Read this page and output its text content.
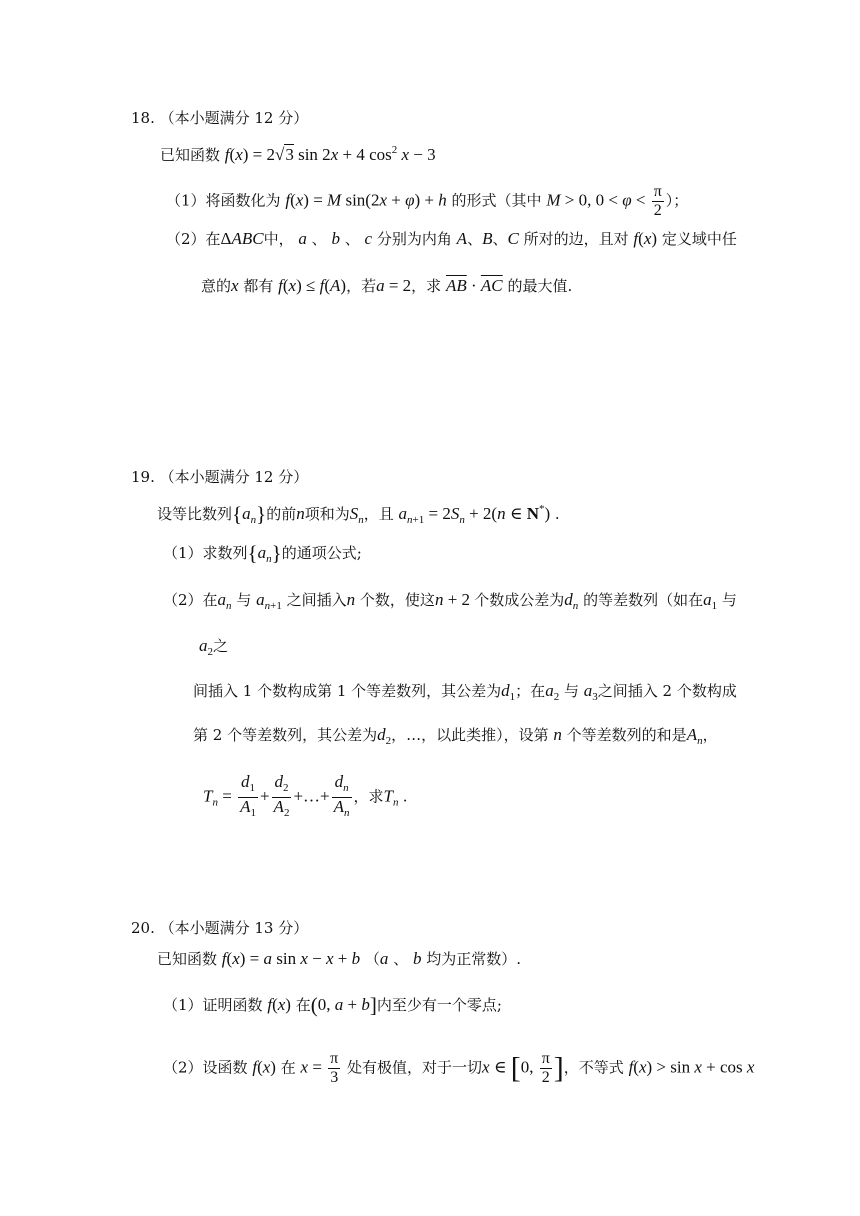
18. （本小题满分 12 分）
已知函数 f(x) = 2√3 sin 2x + 4 $\cos^2 x - 3$
（1）将函数化为 f(x) = M sin(2x + φ) + h 的形式（其中 M > 0, $0 < \varphi < \frac{\pi}{2}$ ）；
（2）在ΔABC中， a 、 b 、 c 分别为内角 A、B、C 所对的边，且对 f(x) 定义域中任
意的x 都有 f(x) ≤ f(A)，若a = 2，求 $\overline{AB} \cdot \overline{AC}$ 的最大值.
19. （本小题满分 12 分）
设等比数列$\{a_n\}$的前n项和为$S_n$，且 $a_{n+1} = 2S_n + 2(n$ ∈ N*) .
（1）求数列$\{a_n\}$的通项公式;
（2）在$a_n$ 与 $a_{n+1}$ 之间插入n 个数，使这n + 2 个数成公差为$d_n$ 的等差数列（如在$a_1$ 与
$a_2$之
间插入 1 个数构成第 1 个等差数列，其公差为$d_1$；在$a_2$ 与 $a_3$之间插入 2 个数构成
第 2 个等差数列，其公差为$d_2$，…，以此类推），设第 n 个等差数列的和是$A_n$，
$T_n = \frac{d_1}{A_1} + \frac{d_2}{A_2}$ +…+ $\frac{d_n}{A_n}$ ，求$T_n$ .
20. （本小题满分 13 分）
已知函数 f(x) = a sin x − x + b （a 、 b 均为正常数）.
（1）证明函数 f(x) 在(0, a + b]内至少有一个零点;
（2）设函数 f(x) 在 $x = \frac{\pi}{3}$ 处有极值，对于一切x ∈ [0, $\frac{\pi}{2}$ ]，不等式 f(x) > sin x + cos x
